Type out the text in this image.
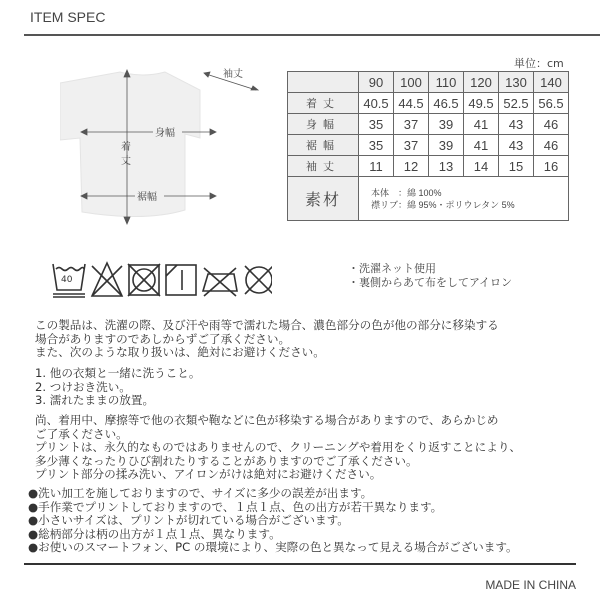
ITEM SPEC
袖丈
身幅
裾幅
着
丈
単位：cm
	90	100	110	120	130	140
着丈	40.5	44.5	46.5	49.5	52.5	56.5
身幅	35	37	39	41	43	46
裾幅	35	37	39	41	43	46
袖丈	11	12	13	14	15	16
素材	本体　：綿 100%
襟リブ：綿 95%・ポリウレタン 5%					
40
・洗濯ネット使用
・裏側からあて布をしてアイロン
この製品は、洗濯の際、及び汗や雨等で濡れた場合、濃色部分の色が他の部分に移染する
場合がありますのであしからずご了承ください。
また、次のような取り扱いは、絶対にお避けください。
1. 他の衣類と一緒に洗うこと。
2. つけおき洗い。
3. 濡れたままの放置。
尚、着用中、摩擦等で他の衣類や鞄などに色が移染する場合がありますので、あらかじめ
ご了承ください。
プリントは、永久的なものではありませんので、クリーニングや着用をくり返すことにより、
多少薄くなったりひび割れたりすることがありますのでご了承ください。
プリント部分の揉み洗い、アイロンがけは絶対にお避けください。
●洗い加工を施しておりますので、サイズに多少の誤差が出ます。
●手作業でプリントしておりますので、１点１点、色の出方が若干異なります。
●小さいサイズは、プリントが切れている場合がございます。
●総柄部分は柄の出方が１点１点、異なります。
●お使いのスマートフォン、PC の環境により、実際の色と異なって見える場合がございます。
MADE IN CHINA
